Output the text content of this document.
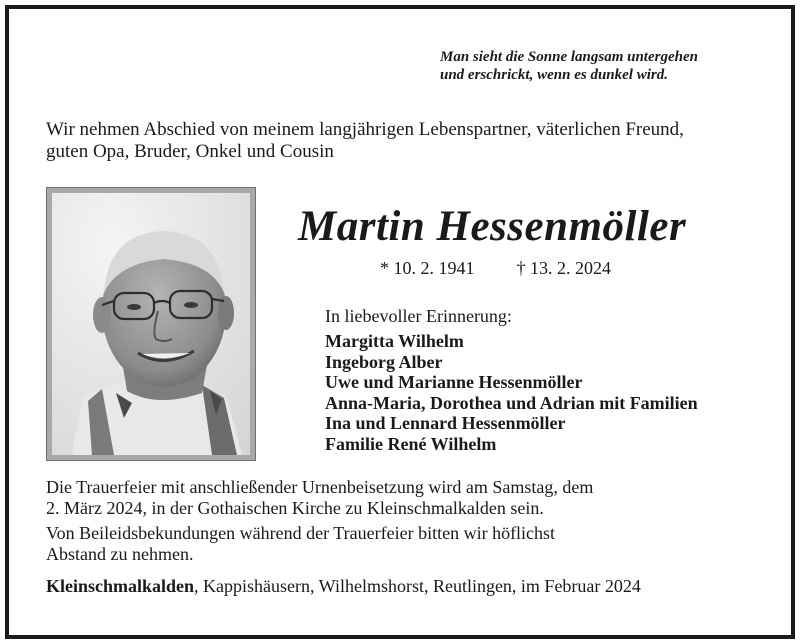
Man sieht die Sonne langsam untergehen

und erschrickt, wenn es dunkel wird.

Wir nehmen Abschied von meinem langjährigen Lebenspartner, väterlichen Freund,

guten Opa, Bruder, Onkel und Cousin

Martin Hessenmöller
* 10. 2. 1941 † 13. 2. 2024
In liebevoller Erinnerung:
Margitta Wilhelm
Ingeborg Alber
Uwe und Marianne Hessenmöller
Anna-Maria, Dorothea und Adrian mit Familien
Ina und Lennard Hessenmöller
Familie René Wilhelm
Die Trauerfeier mit anschließender Urnenbeisetzung wird am Samstag, dem
2. März 2024, in der Gothaischen Kirche zu Kleinschmalkalden sein.
Von Beileidsbekundungen während der Trauerfeier bitten wir höflichst
Abstand zu nehmen.
Kleinschmalkalden, Kappishäusern, Wilhelmshorst, Reutlingen, im Februar 2024
